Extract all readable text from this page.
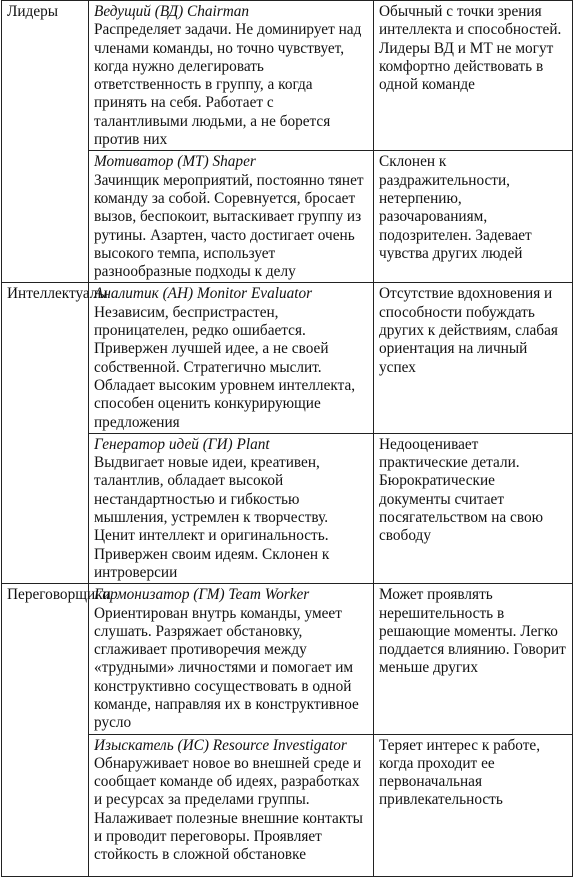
Лидеры	Ведущий (ВД) Chairman
Распределяет задачи. Не доминирует над членами команды, но точно чувствует, когда нужно делегировать ответственность в группу, а когда принять на себя. Работает с талантливыми людьми, а не борется против них	Обычный с точки зрения интеллекта и способностей. Лидеры ВД и МТ не могут комфортно действовать в одной команде

	Мотиватор (МТ) Shaper
Зачинщик мероприятий, постоянно тянет команду за собой. Соревнуется, бросает вызов, беспокоит, вытаскивает группу из рутины. Азартен, часто достигает очень высокого темпа, использует разнообразные подходы к делу	Склонен к раздражительности, нетерпению, разочарованиям, подозрителен. Задевает чувства других людей
Интеллектуалы	Аналитик (АН) Monitor Evaluator
Независим, беспристрастен, проницателен, редко ошибается. Привержен лучшей идее, а не своей собственной. Стратегично мыслит. Обладает высоким уровнем интеллекта, способен оценить конкурирующие предложения	Отсутствие вдохновения и способности побуждать других к действиям, слабая ориентация на личный успех

	Генератор идей (ГИ) Plant
Выдвигает новые идеи, креативен, талантлив, обладает высокой нестандартностью и гибкостью мышления, устремлен к творчеству. Ценит интеллект и оригинальность. Привержен своим идеям. Склонен к интроверсии	Недооценивает практические детали. Бюрократические документы считает посягательством на свою свободу
Переговорщики	Гармонизатор (ГМ) Team Worker
Ориентирован внутрь команды, умеет слушать. Разряжает обстановку, сглаживает противоречия между «трудными» личностями и помогает им конструктивно сосуществовать в одной команде, направляя их в конструктивное русло	Может проявлять нерешительность в решающие моменты. Легко поддается влиянию. Говорит меньше других

	Изыскатель (ИС) Resource Investigator
Обнаруживает новое во внешней среде и сообщает команде об идеях, разработках и ресурсах за пределами группы. Налаживает полезные внешние контакты и проводит переговоры. Проявляет стойкость в сложной обстановке	Теряет интерес к работе, когда проходит ее первоначальная привлекательность
